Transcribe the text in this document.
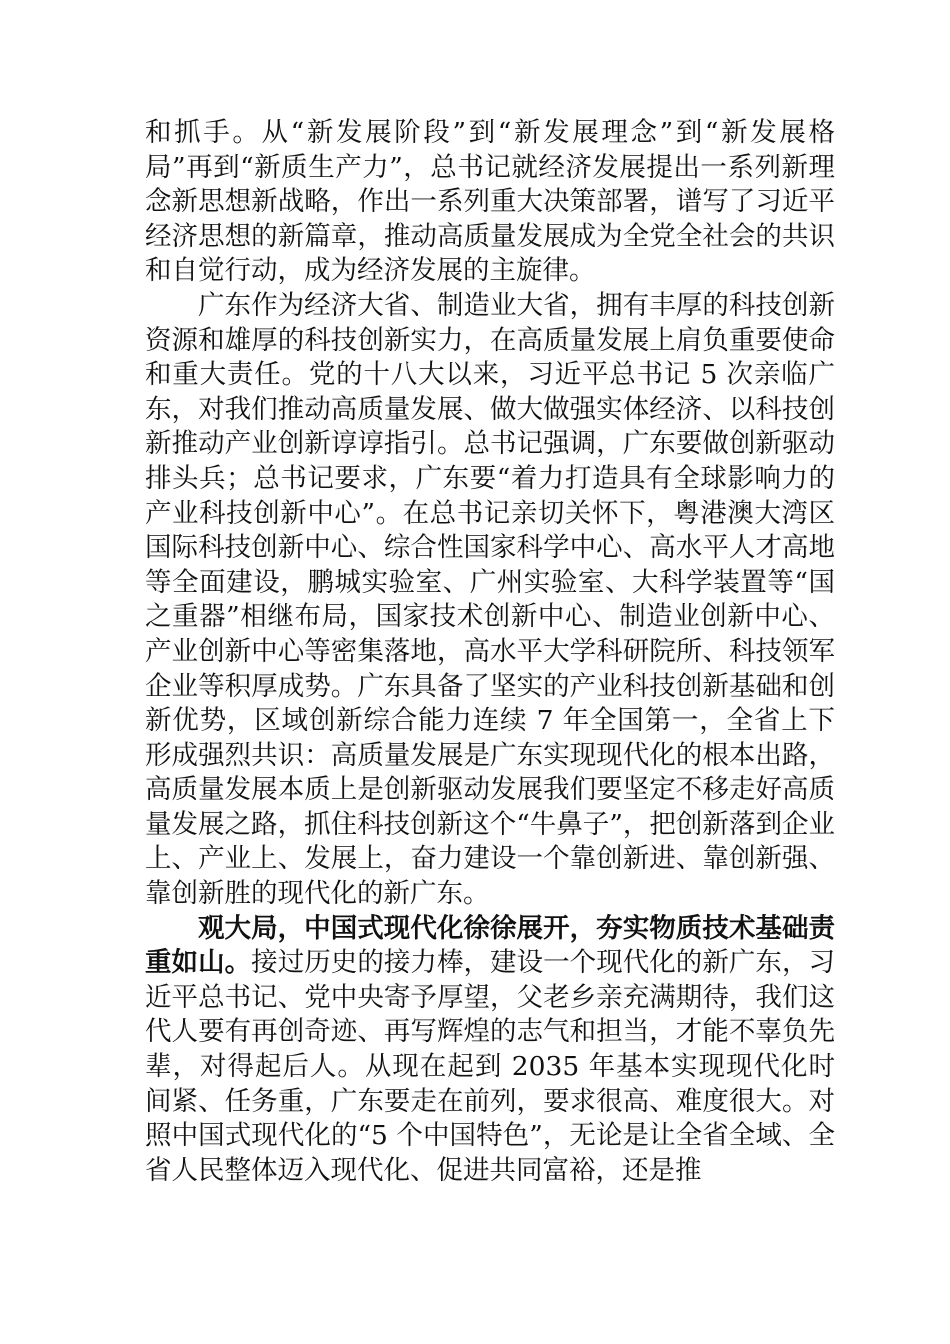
和抓手。从“新发展阶段”到“新发展理念”到“新发展格局”再到“新质生产力”，总书记就经济发展提出一系列新理念新思想新战略，作出一系列重大决策部署，谱写了习近平经济思想的新篇章，推动高质量发展成为全党全社会的共识和自觉行动，成为经济发展的主旋律。

广东作为经济大省、制造业大省，拥有丰厚的科技创新资源和雄厚的科技创新实力，在高质量发展上肩负重要使命和重大责任。党的十八大以来，习近平总书记 5 次亲临广东，对我们推动高质量发展、做大做强实体经济、以科技创新推动产业创新谆谆指引。总书记强调，广东要做创新驱动排头兵；总书记要求，广东要“着力打造具有全球影响力的产业科技创新中心”。在总书记亲切关怀下，粤港澳大湾区国际科技创新中心、综合性国家科学中心、高水平人才高地等全面建设，鹏城实验室、广州实验室、大科学装置等“国之重器”相继布局，国家技术创新中心、制造业创新中心、产业创新中心等密集落地，高水平大学科研院所、科技领军企业等积厚成势。广东具备了坚实的产业科技创新基础和创新优势，区域创新综合能力连续 7 年全国第一，全省上下形成强烈共识：高质量发展是广东实现现代化的根本出路，高质量发展本质上是创新驱动发展我们要坚定不移走好高质量发展之路，抓住科技创新这个“牛鼻子”，把创新落到企业上、产业上、发展上，奋力建设一个靠创新进、靠创新强、靠创新胜的现代化的新广东。

观大局，中国式现代化徐徐展开，夯实物质技术基础责重如山。接过历史的接力棒，建设一个现代化的新广东，习近平总书记、党中央寄予厚望，父老乡亲充满期待，我们这代人要有再创奇迹、再写辉煌的志气和担当，才能不辜负先辈，对得起后人。从现在起到 2035 年基本实现现代化时间紧、任务重，广东要走在前列，要求很高、难度很大。对照中国式现代化的“5 个中国特色”，无论是让全省全域、全省人民整体迈入现代化、促进共同富裕，还是推
